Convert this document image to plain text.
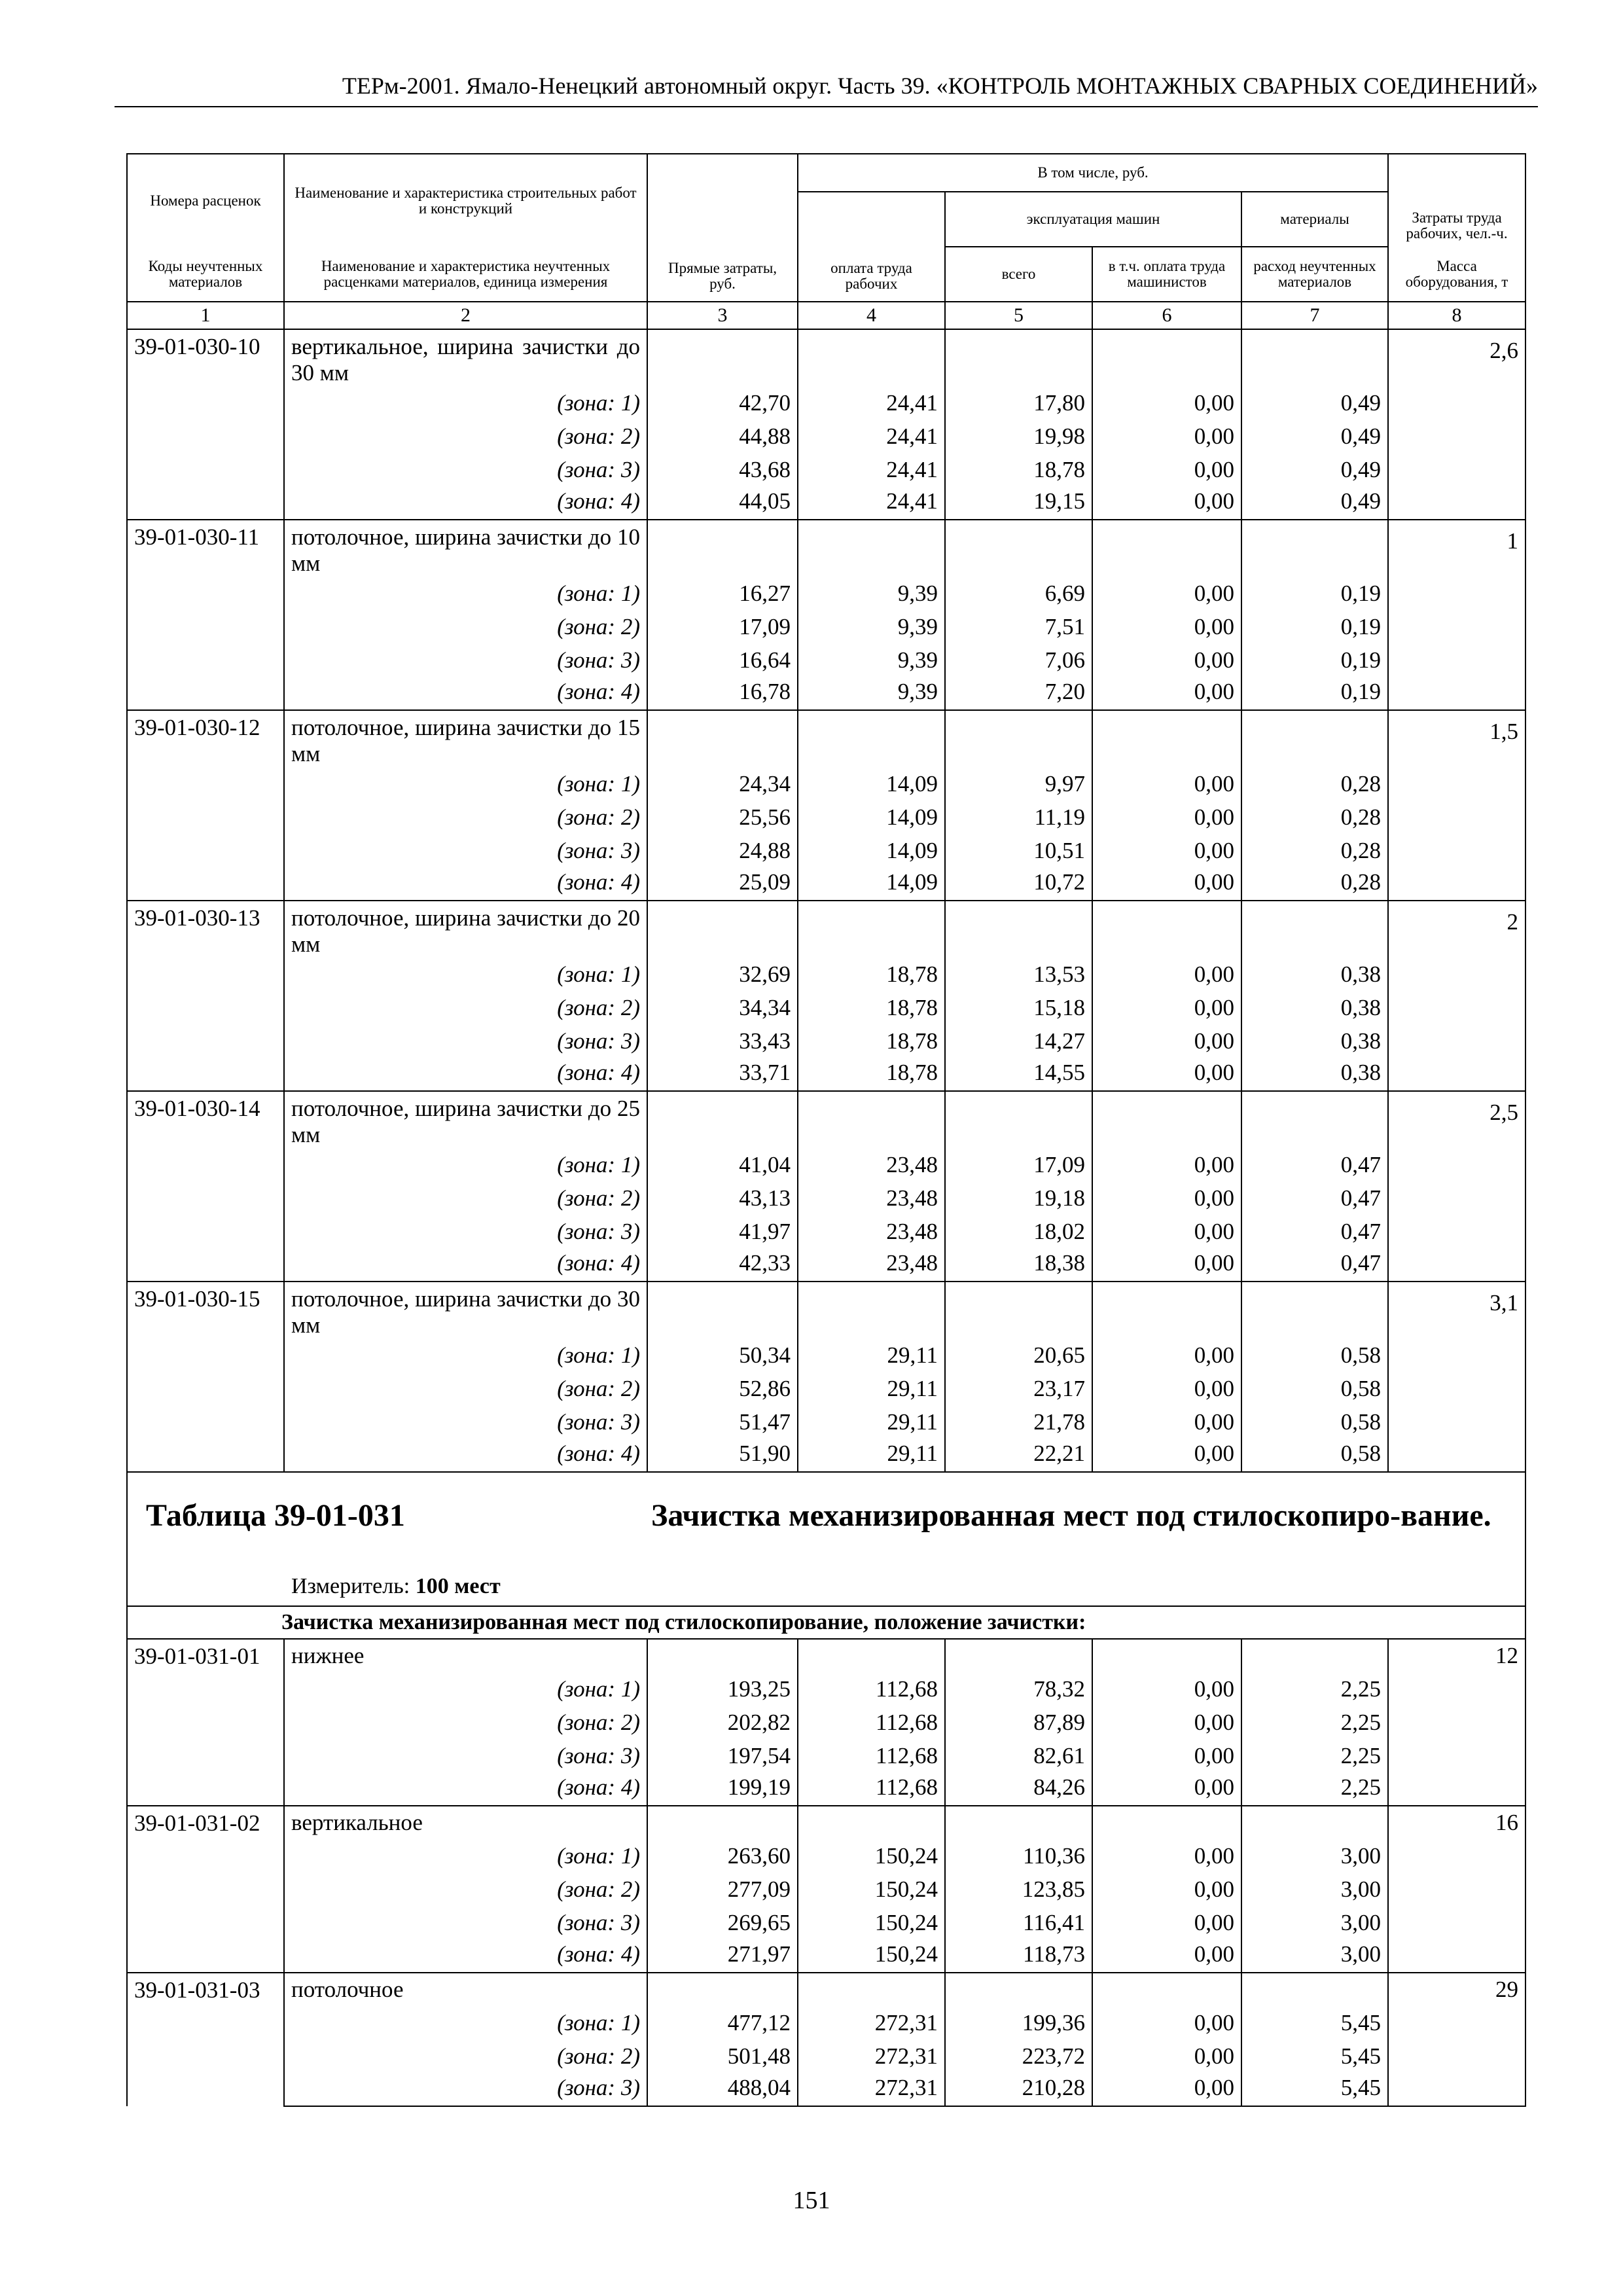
ТЕРм-2001. Ямало-Ненецкий автономный округ. Часть 39. «КОНТРОЛЬ МОНТАЖНЫХ СВАРНЫХ СОЕДИНЕНИЙ»
Номера расценок	Наименование и характеристика строительных работ и конструкций	Прямые затраты, руб.	В том числе, руб.				Затраты труда рабочих, чел.-ч.
			оплата труда рабочих	эксплуатация машин		материалы	
Коды неучтенных материалов	Наименование и характеристика неучтенных расценками материалов, единица измерения			всего	в т.ч. оплата труда машинистов	расход неучтенных материалов	Масса оборудования, т
1	2	3	4	5	6	7	8
39-01-030-10	вертикальное, ширина зачистки до 30 мм						2,6
	(зона: 1)	42,70	24,41	17,80	0,00	0,49	
	(зона: 2)	44,88	24,41	19,98	0,00	0,49	
	(зона: 3)	43,68	24,41	18,78	0,00	0,49	
	(зона: 4)	44,05	24,41	19,15	0,00	0,49	
39-01-030-11	потолочное, ширина зачистки до 10 мм						1
	(зона: 1)	16,27	9,39	6,69	0,00	0,19	
	(зона: 2)	17,09	9,39	7,51	0,00	0,19	
	(зона: 3)	16,64	9,39	7,06	0,00	0,19	
	(зона: 4)	16,78	9,39	7,20	0,00	0,19	
39-01-030-12	потолочное, ширина зачистки до 15 мм						1,5
	(зона: 1)	24,34	14,09	9,97	0,00	0,28	
	(зона: 2)	25,56	14,09	11,19	0,00	0,28	
	(зона: 3)	24,88	14,09	10,51	0,00	0,28	
	(зона: 4)	25,09	14,09	10,72	0,00	0,28	
39-01-030-13	потолочное, ширина зачистки до 20 мм						2
	(зона: 1)	32,69	18,78	13,53	0,00	0,38	
	(зона: 2)	34,34	18,78	15,18	0,00	0,38	
	(зона: 3)	33,43	18,78	14,27	0,00	0,38	
	(зона: 4)	33,71	18,78	14,55	0,00	0,38	
39-01-030-14	потолочное, ширина зачистки до 25 мм						2,5
	(зона: 1)	41,04	23,48	17,09	0,00	0,47	
	(зона: 2)	43,13	23,48	19,18	0,00	0,47	
	(зона: 3)	41,97	23,48	18,02	0,00	0,47	
	(зона: 4)	42,33	23,48	18,38	0,00	0,47	
39-01-030-15	потолочное, ширина зачистки до 30 мм						3,1
	(зона: 1)	50,34	29,11	20,65	0,00	0,58	
	(зона: 2)	52,86	29,11	23,17	0,00	0,58	
	(зона: 3)	51,47	29,11	21,78	0,00	0,58	
	(зона: 4)	51,90	29,11	22,21	0,00	0,58	

Таблица 39-01-031 Зачистка механизированная мест под стилоскопиро-вание.
Измеритель: 100 мест							

Зачистка механизированная мест под стилоскопирование, положение зачистки:							
39-01-031-01	нижнее						12
	(зона: 1)	193,25	112,68	78,32	0,00	2,25	
	(зона: 2)	202,82	112,68	87,89	0,00	2,25	
	(зона: 3)	197,54	112,68	82,61	0,00	2,25	
	(зона: 4)	199,19	112,68	84,26	0,00	2,25	
39-01-031-02	вертикальное						16
	(зона: 1)	263,60	150,24	110,36	0,00	3,00	
	(зона: 2)	277,09	150,24	123,85	0,00	3,00	
	(зона: 3)	269,65	150,24	116,41	0,00	3,00	
	(зона: 4)	271,97	150,24	118,73	0,00	3,00	
39-01-031-03	потолочное						29
	(зона: 1)	477,12	272,31	199,36	0,00	5,45	
	(зона: 2)	501,48	272,31	223,72	0,00	5,45	
	(зона: 3)	488,04	272,31	210,28	0,00	5,45	
151
